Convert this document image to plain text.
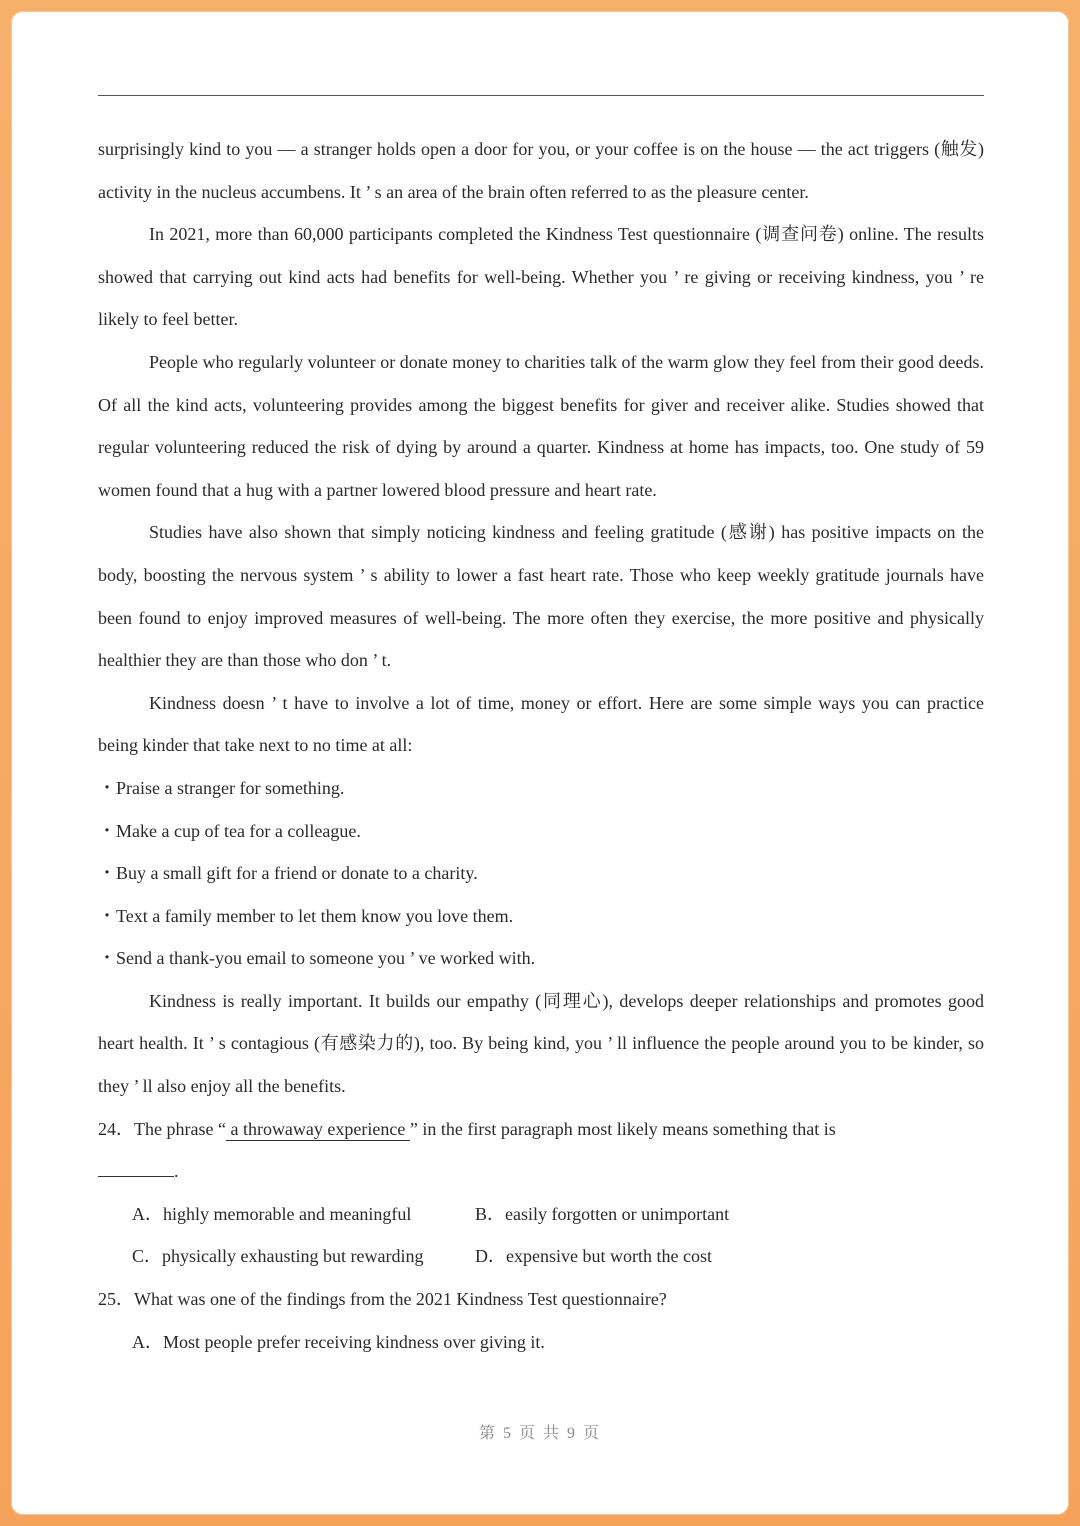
surprisingly kind to you — a stranger holds open a door for you, or your coffee is on the house — the act triggers (触发) activity in the nucleus accumbens. It ’ s an area of the brain often referred to as the pleasure center.

In 2021, more than 60,000 participants completed the Kindness Test questionnaire (调查问卷) online. The results showed that carrying out kind acts had benefits for well-being. Whether you ’ re giving or receiving kindness, you ’ re likely to feel better.

People who regularly volunteer or donate money to charities talk of the warm glow they feel from their good deeds. Of all the kind acts, volunteering provides among the biggest benefits for giver and receiver alike. Studies showed that regular volunteering reduced the risk of dying by around a quarter. Kindness at home has impacts, too. One study of 59 women found that a hug with a partner lowered blood pressure and heart rate.

Studies have also shown that simply noticing kindness and feeling gratitude (感谢) has positive impacts on the body, boosting the nervous system ’ s ability to lower a fast heart rate. Those who keep weekly gratitude journals have been found to enjoy improved measures of well-being. The more often they exercise, the more positive and physically healthier they are than those who don ’ t.

Kindness doesn ’ t have to involve a lot of time, money or effort. Here are some simple ways you can practice being kinder that take next to no time at all:

・Praise a stranger for something.

・Make a cup of tea for a colleague.

・Buy a small gift for a friend or donate to a charity.

・Text a family member to let them know you love them.

・Send a thank-you email to someone you ’ ve worked with.

Kindness is really important. It builds our empathy (同理心), develops deeper relationships and promotes good heart health. It ’ s contagious (有感染力的), too. By being kind, you ’ ll influence the people around you to be kinder, so they ’ ll also enjoy all the benefits.

24．The phrase “ a throwaway experience ” in the first paragraph most likely means something that is

.

A．highly memorable and meaningful	B．easily forgotten or unimportant
C．physically exhausting but rewarding	D．expensive but worth the cost

25．What was one of the findings from the 2021 Kindness Test questionnaire?

A．Most people prefer receiving kindness over giving it.
第 5 页 共 9 页
